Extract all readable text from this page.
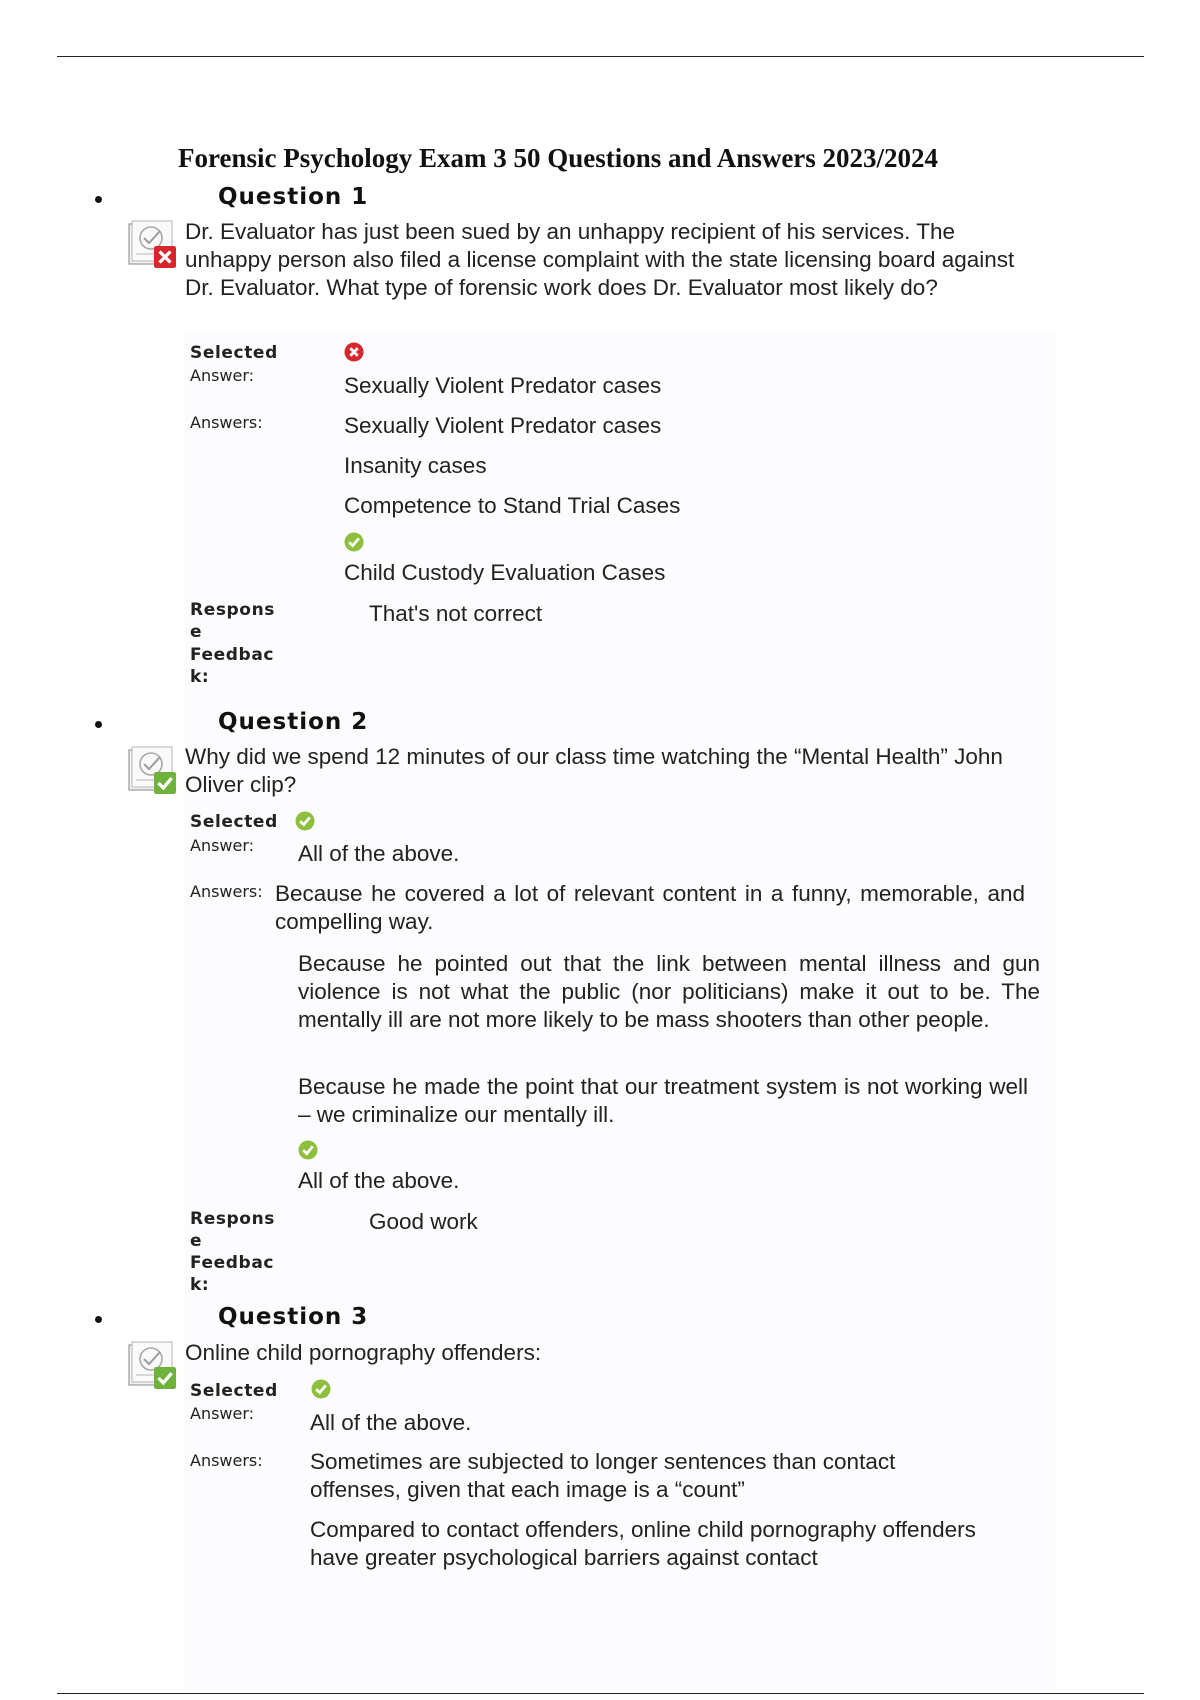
Forensic Psychology Exam 3 50 Questions and Answers 2023/2024
Question 1
Dr. Evaluator has just been sued by an unhappy recipient of his services. The unhappy person also filed a license complaint with the state licensing board against Dr. Evaluator. What type of forensic work does Dr. Evaluator most likely do?
Selected
Answer:	Sexually Violent Predator cases
Answers:	Sexually Violent Predator cases
Insanity cases
Competence to Stand Trial Cases
Child Custody Evaluation Cases
Respons
e
Feedbac
k:
That's not correct
Question 2
Why did we spend 12 minutes of our class time watching the “Mental Health” John Oliver clip?
Selected
Answer: All of the above.
Answers: Because he covered a lot of relevant content in a funny, memorable, and compelling way.
Because he pointed out that the link between mental illness and gun violence is not what the public (nor politicians) make it out to be. The mentally ill are not more likely to be mass shooters than other people.
Because he made the point that our treatment system is not working well – we criminalize our mentally ill.
All of the above.
Respons
e
Feedbac
k:
Good work
Question 3
Online child pornography offenders:
Selected
Answer: All of the above.
Answers: Sometimes are subjected to longer sentences than contact offenses, given that each image is a “count”
Compared to contact offenders, online child pornography offenders have greater psychological barriers against contact
